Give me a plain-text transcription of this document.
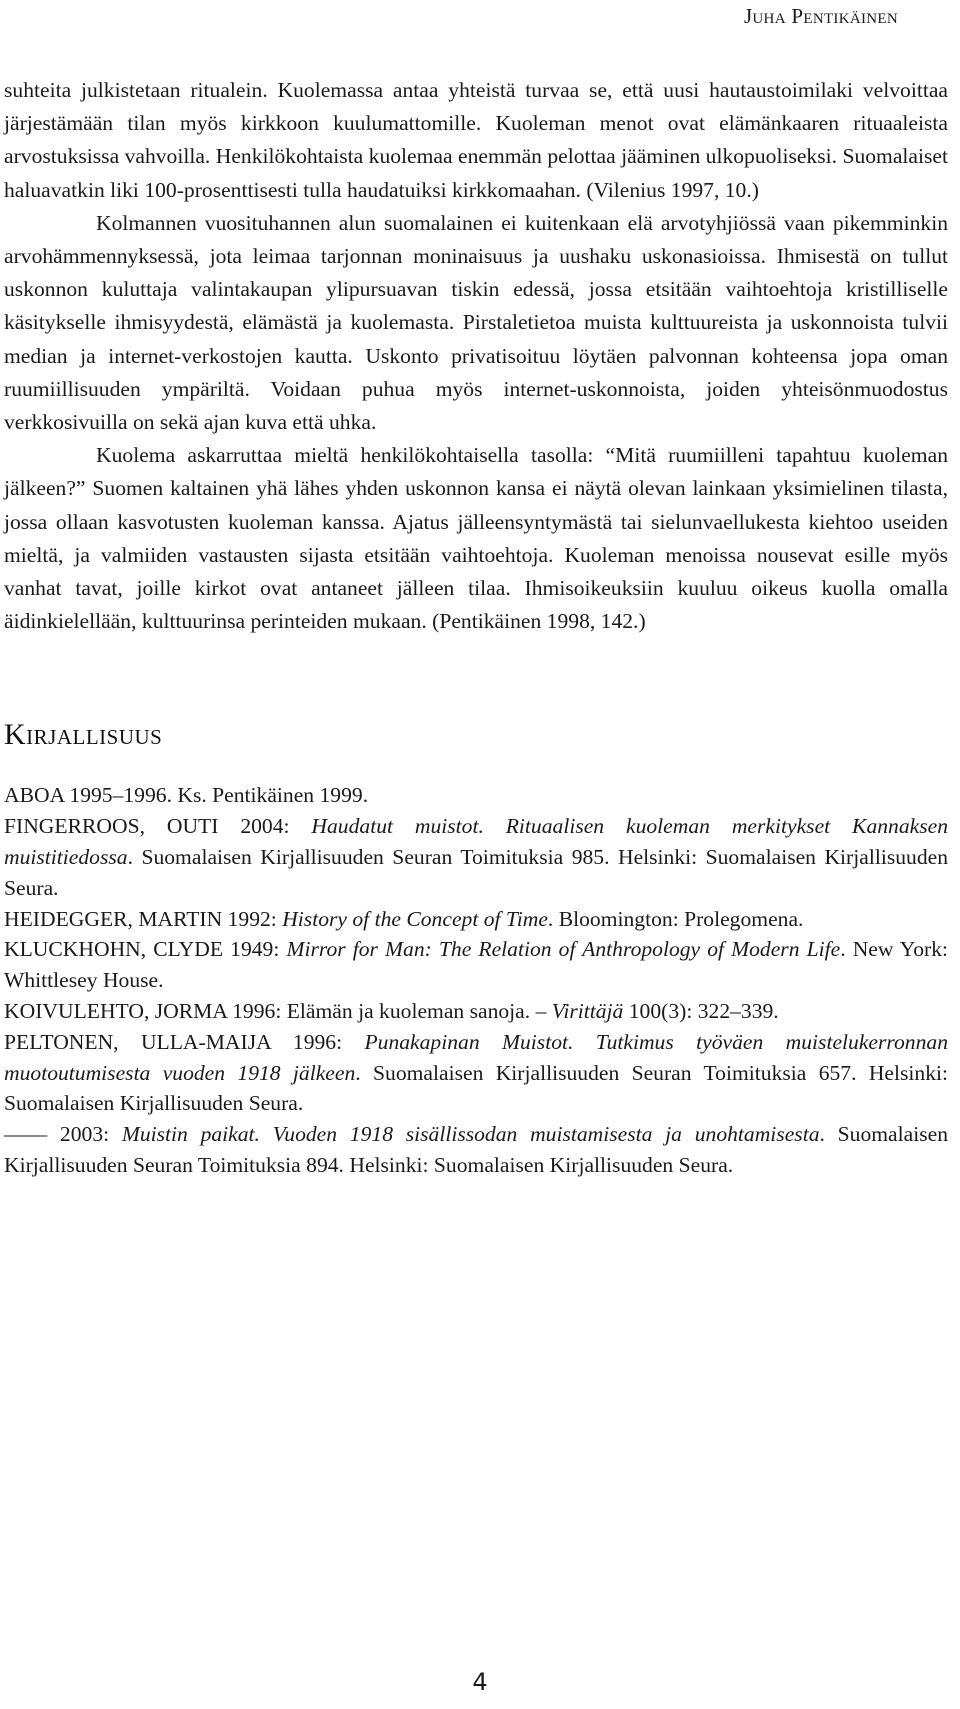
Juha Pentikäinen

suhteita julkistetaan ritualein. Kuolemassa antaa yhteistä turvaa se, että uusi hautaustoimilaki velvoittaa järjestämään tilan myös kirkkoon kuulumattomille. Kuoleman menot ovat elämänkaaren rituaaleista arvostuksissa vahvoilla. Henkilökohtaista kuolemaa enemmän pelottaa jääminen ulkopuoliseksi. Suomalaiset haluavatkin liki 100-prosenttisesti tulla haudatuiksi kirkkomaahan. (Vilenius 1997, 10.)

Kolmannen vuosituhannen alun suomalainen ei kuitenkaan elä arvotyhjiössä vaan pikemminkin arvohämmennyksessä, jota leimaa tarjonnan moninaisuus ja uushaku uskonasioissa. Ihmisestä on tullut uskonnon kuluttaja valintakaupan ylipursuavan tiskin edessä, jossa etsitään vaihtoehtoja kristilliselle käsitykselle ihmisyydestä, elämästä ja kuolemasta. Pirstaletietoa muista kulttuureista ja uskonnoista tulvii median ja internet-verkostojen kautta. Uskonto privatisoituu löytäen palvonnan kohteensa jopa oman ruumiillisuuden ympäriltä. Voidaan puhua myös internet-uskonnoista, joiden yhteisönmuodostus verkkosivuilla on sekä ajan kuva että uhka.

Kuolema askarruttaa mieltä henkilökohtaisella tasolla: “Mitä ruumiilleni tapahtuu kuoleman jälkeen?” Suomen kaltainen yhä lähes yhden uskonnon kansa ei näytä olevan lainkaan yksimielinen tilasta, jossa ollaan kasvotusten kuoleman kanssa. Ajatus jälleensyntymästä tai sielunvaellukesta kiehtoo useiden mieltä, ja valmiiden vastausten sijasta etsitään vaihtoehtoja. Kuoleman menoissa nousevat esille myös vanhat tavat, joille kirkot ovat antaneet jälleen tilaa. Ihmisoikeuksiin kuuluu oikeus kuolla omalla äidinkielellään, kulttuurinsa perinteiden mukaan. (Pentikäinen 1998, 142.)

Kirjallisuus

ABOA 1995–1996. Ks. Pentikäinen 1999.

FINGERROOS, OUTI 2004: Haudatut muistot. Rituaalisen kuoleman merkitykset Kannaksen muistitiedossa. Suomalaisen Kirjallisuuden Seuran Toimituksia 985. Helsinki: Suomalaisen Kirjallisuuden Seura.

HEIDEGGER, MARTIN 1992: History of the Concept of Time. Bloomington: Prolegomena.

KLUCKHOHN, CLYDE 1949: Mirror for Man: The Relation of Anthropology of Modern Life. New York: Whittlesey House.

KOIVULEHTO, JORMA 1996: Elämän ja kuoleman sanoja. – Virittäjä 100(3): 322–339.

PELTONEN, ULLA-MAIJA 1996: Punakapinan Muistot. Tutkimus työväen muistelukerronnan muotoutumisesta vuoden 1918 jälkeen. Suomalaisen Kirjallisuuden Seuran Toimituksia 657. Helsinki: Suomalaisen Kirjallisuuden Seura.

—— 2003: Muistin paikat. Vuoden 1918 sisällissodan muistamisesta ja unohtamisesta. Suomalaisen Kirjallisuuden Seuran Toimituksia 894. Helsinki: Suomalaisen Kirjallisuuden Seura.

4
